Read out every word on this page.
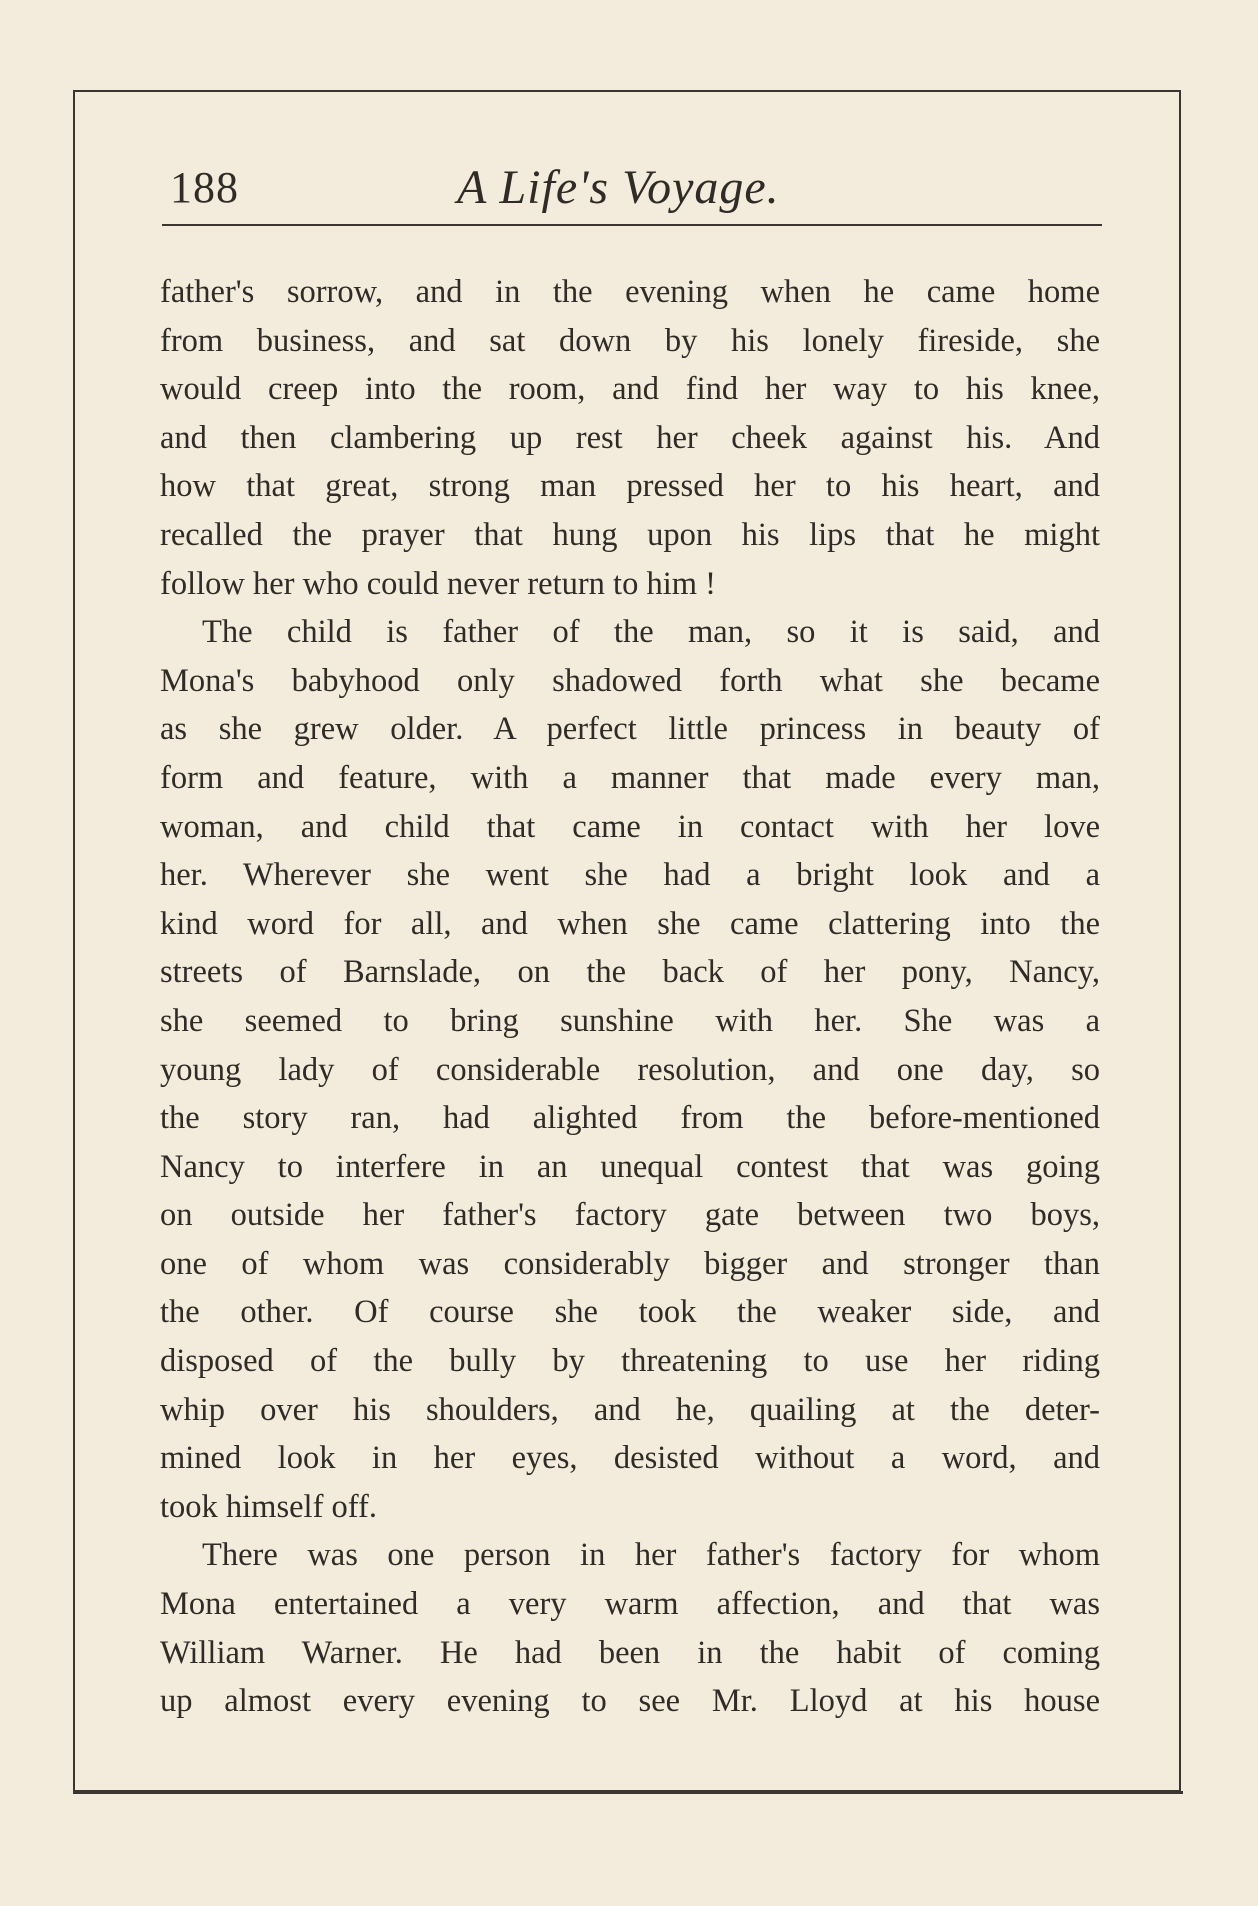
188	A Life's Voyage.
father's sorrow, and in the evening when he came home
from business, and sat down by his lonely fireside, she
would creep into the room, and find her way to his knee,
and then clambering up rest her cheek against his. And
how that great, strong man pressed her to his heart, and
recalled the prayer that hung upon his lips that he might
follow her who could never return to him !
The child is father of the man, so it is said, and
Mona's babyhood only shadowed forth what she became
as she grew older. A perfect little princess in beauty of
form and feature, with a manner that made every man,
woman, and child that came in contact with her love
her. Wherever she went she had a bright look and a
kind word for all, and when she came clattering into the
streets of Barnslade, on the back of her pony, Nancy,
she seemed to bring sunshine with her. She was a
young lady of considerable resolution, and one day, so
the story ran, had alighted from the before-mentioned
Nancy to interfere in an unequal contest that was going
on outside her father's factory gate between two boys,
one of whom was considerably bigger and stronger than
the other. Of course she took the weaker side, and
disposed of the bully by threatening to use her riding
whip over his shoulders, and he, quailing at the deter-
mined look in her eyes, desisted without a word, and
took himself off.
There was one person in her father's factory for whom
Mona entertained a very warm affection, and that was
William Warner. He had been in the habit of coming
up almost every evening to see Mr. Lloyd at his house
